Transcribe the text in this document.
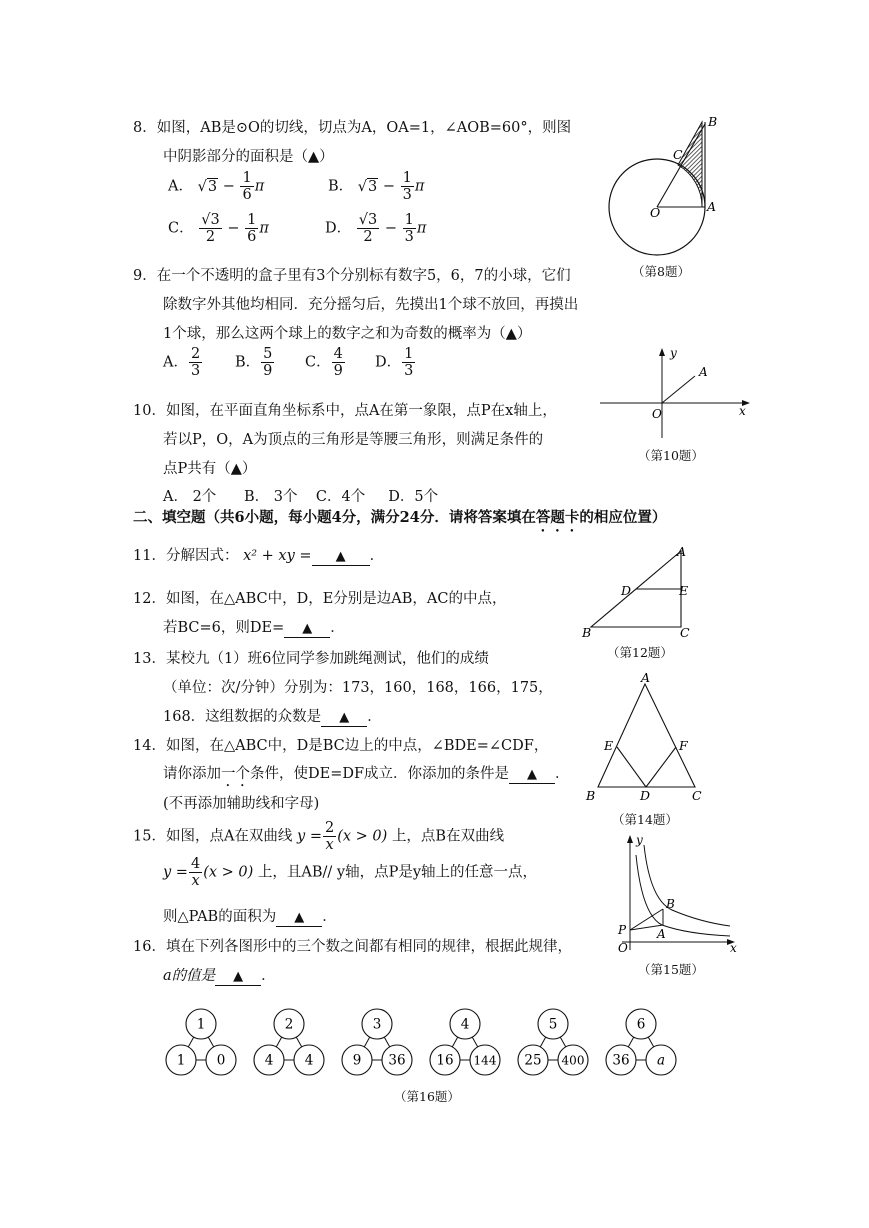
8．如图，AB是⊙O的切线，切点为A，OA=1，∠AOB=60°，则图
中阴影部分的面积是（▲）
A． $√3 - \frac{1}{6}$ π	B． $√3 - \frac{1}{3}$ π
C． $\frac{√3}{2} - \frac{1}{6}$ π	D． $\frac{√3}{2} - \frac{1}{3}$ π
B
C
O	A
（第8题）
9．在一个不透明的盒子里有3个分别标有数字5，6，7的小球，它们
除数字外其他均相同．充分摇匀后，先摸出1个球不放回，再摸出
1个球，那么这两个球上的数字之和为奇数的概率为（▲）
A． $\frac{2}{3}$ B． $\frac{5}{9}$ C． $\frac{4}{9}$ D． $\frac{1}{3}$
10．如图，在平面直角坐标系中，点A在第一象限，点P在x轴上，
若以P，O，A为顶点的三角形是等腰三角形，则满足条件的
点P共有（▲）
A． 2个      B． 3个    C．4个     D．5个
y
A
O	x
（第10题）
二、填空题（共6小题，每小题4分，满分24分．请将答案填在答题卡的相应位置）
11．分解因式： x² + xy = ▲ ．
12．如图，在△ABC中，D，E分别是边AB，AC的中点，
若BC=6，则DE= ▲ ．
A
D	E
B	C
（第12题）
13．某校九（1）班6位同学参加跳绳测试，他们的成绩
（单位：次/分钟）分别为：173，160，168，166，175，
168．这组数据的众数是 ▲ ．
14．如图，在△ABC中，D是BC边上的中点，∠BDE=∠CDF，
请你添加一个条件，使DE=DF成立．你添加的条件是 ▲ ．
(不再添加辅助线和字母)
A
E	F
B	D	C
（第14题）
15．如图，点A在双曲线 $y = \frac{2}{x} (x > 0)$ 上，点B在双曲线
$y = \frac{4}{x} (x > 0)$ 上，且AB// y轴，点P是y轴上的任意一点，
则△PAB的面积为 ▲ ．
y
B
P	A
O	x
（第15题）
16．填在下列各图形中的三个数之间都有相同的规律，根据此规律，
a的值是 ▲ ．
1
1 0
2
4 4
3
9 36
4
16 144
5
25 400
6
36 a
（第16题）
